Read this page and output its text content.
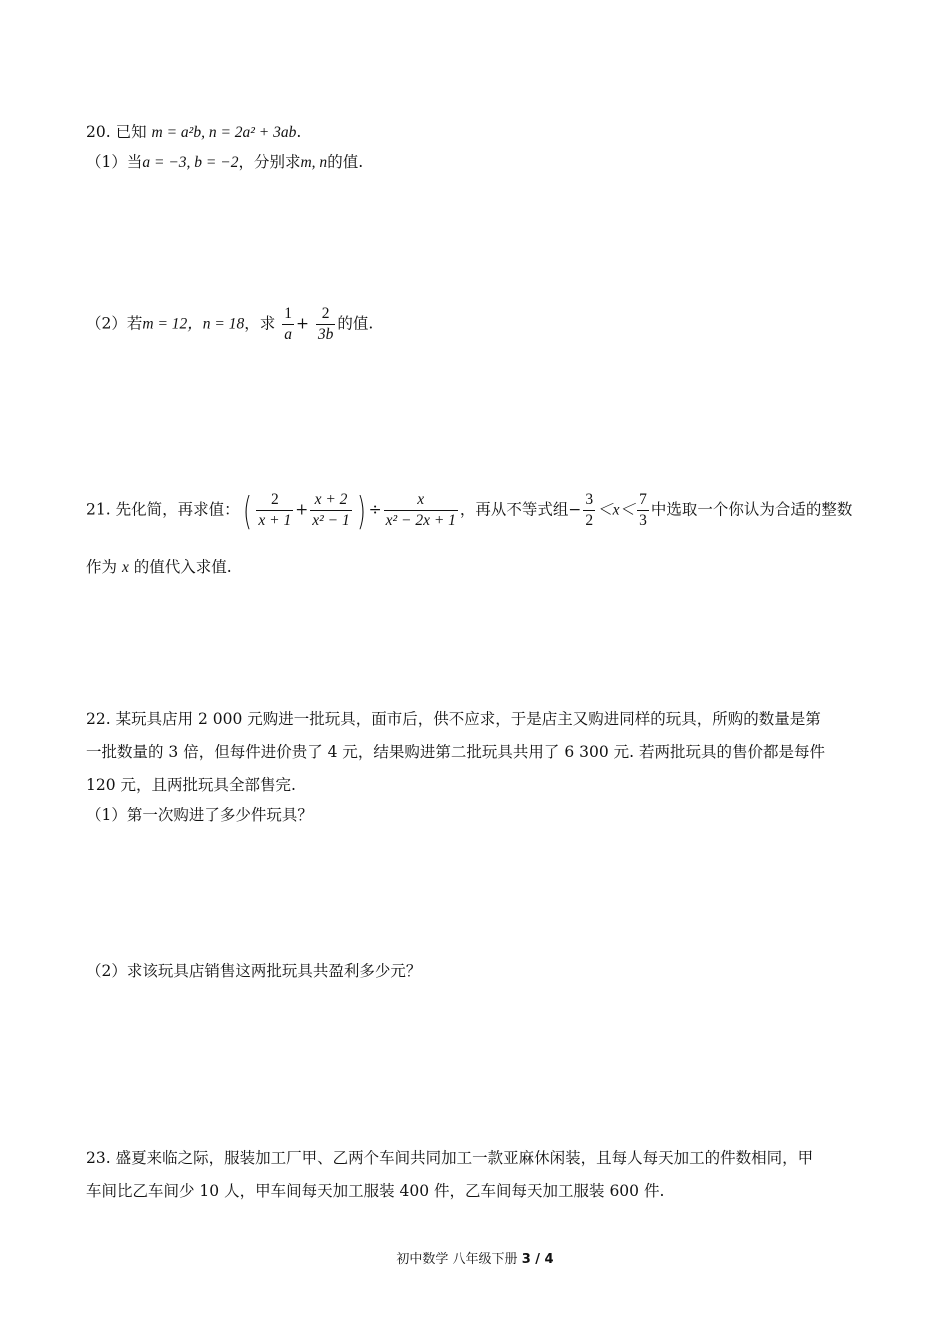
20. 已知 m = a²b, n = 2a² + 3ab.
（1）当a = −3, b = −2，分别求m, n的值.
（2）若m = 12，n = 18，求 $\frac{1}{a} + \frac{2}{3b}$ 的值.
21. 先化简，再求值：( $\frac{2}{x + 1} + \frac{x + 2}{\text{x² − 1}}$ ) ÷ $\frac{x}{\text{x² − 2x + 1}}$ ，再从不等式组− $\frac{3}{2} <x< \frac{7}{3}$ 中选取一个你认为合适的整数
作为 x 的值代入求值.
22. 某玩具店用 2 000 元购进一批玩具，面市后，供不应求，于是店主又购进同样的玩具，所购的数量是第
一批数量的 3 倍，但每件进价贵了 4 元，结果购进第二批玩具共用了 6 300 元. 若两批玩具的售价都是每件
120 元，且两批玩具全部售完.
（1）第一次购进了多少件玩具？
（2）求该玩具店销售这两批玩具共盈利多少元？
23. 盛夏来临之际，服装加工厂甲、乙两个车间共同加工一款亚麻休闲装，且每人每天加工的件数相同，甲
车间比乙车间少 10 人，甲车间每天加工服装 400 件，乙车间每天加工服装 600 件.
初中数学 八年级下册 3 / 4
